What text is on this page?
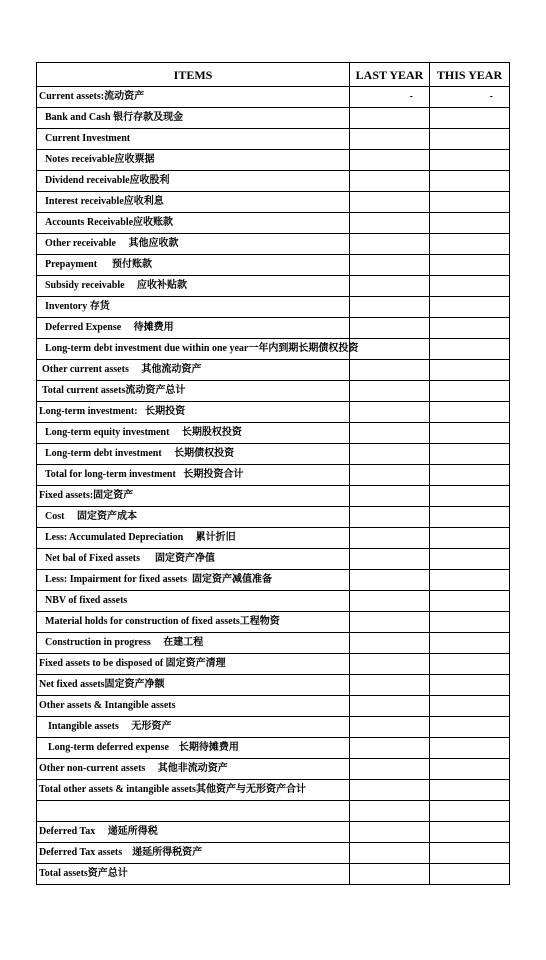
ITEMS	LAST YEAR	THIS YEAR
Current assets:流动资产	-	-
Bank and Cash 银行存款及现金		
Current Investment		
Notes receivable应收票据		
Dividend receivable应收股利		
Interest receivable应收利息		
Accounts Receivable应收账款		
Other receivable     其他应收款		
Prepayment      预付账款		
Subsidy receivable     应收补贴款		
Inventory 存货		
Deferred Expense     待摊费用		
Long-term debt investment due within one year一年内到期长期债权投资		
Other current assets     其他流动资产		
Total current assets流动资产总计		
Long-term investment:   长期投资		
Long-term equity investment     长期股权投资		
Long-term debt investment     长期债权投资		
Total for long-term investment   长期投资合计		
Fixed assets:固定资产		
Cost     固定资产成本		
Less: Accumulated Depreciation     累计折旧		
Net bal of Fixed assets      固定资产净值		
Less: Impairment for fixed assets  固定资产减值准备		
NBV of fixed assets		
Material holds for construction of fixed assets工程物资		
Construction in progress     在建工程		
Fixed assets to be disposed of 固定资产清理		
Net fixed assets固定资产净额		
Other assets & Intangible assets		
Intangible assets     无形资产		
Long-term deferred expense    长期待摊费用		
Other non-current assets     其他非流动资产		
Total other assets & intangible assets其他资产与无形资产合计		

Deferred Tax     递延所得税		
Deferred Tax assets    递延所得税资产		
Total assets资产总计		
